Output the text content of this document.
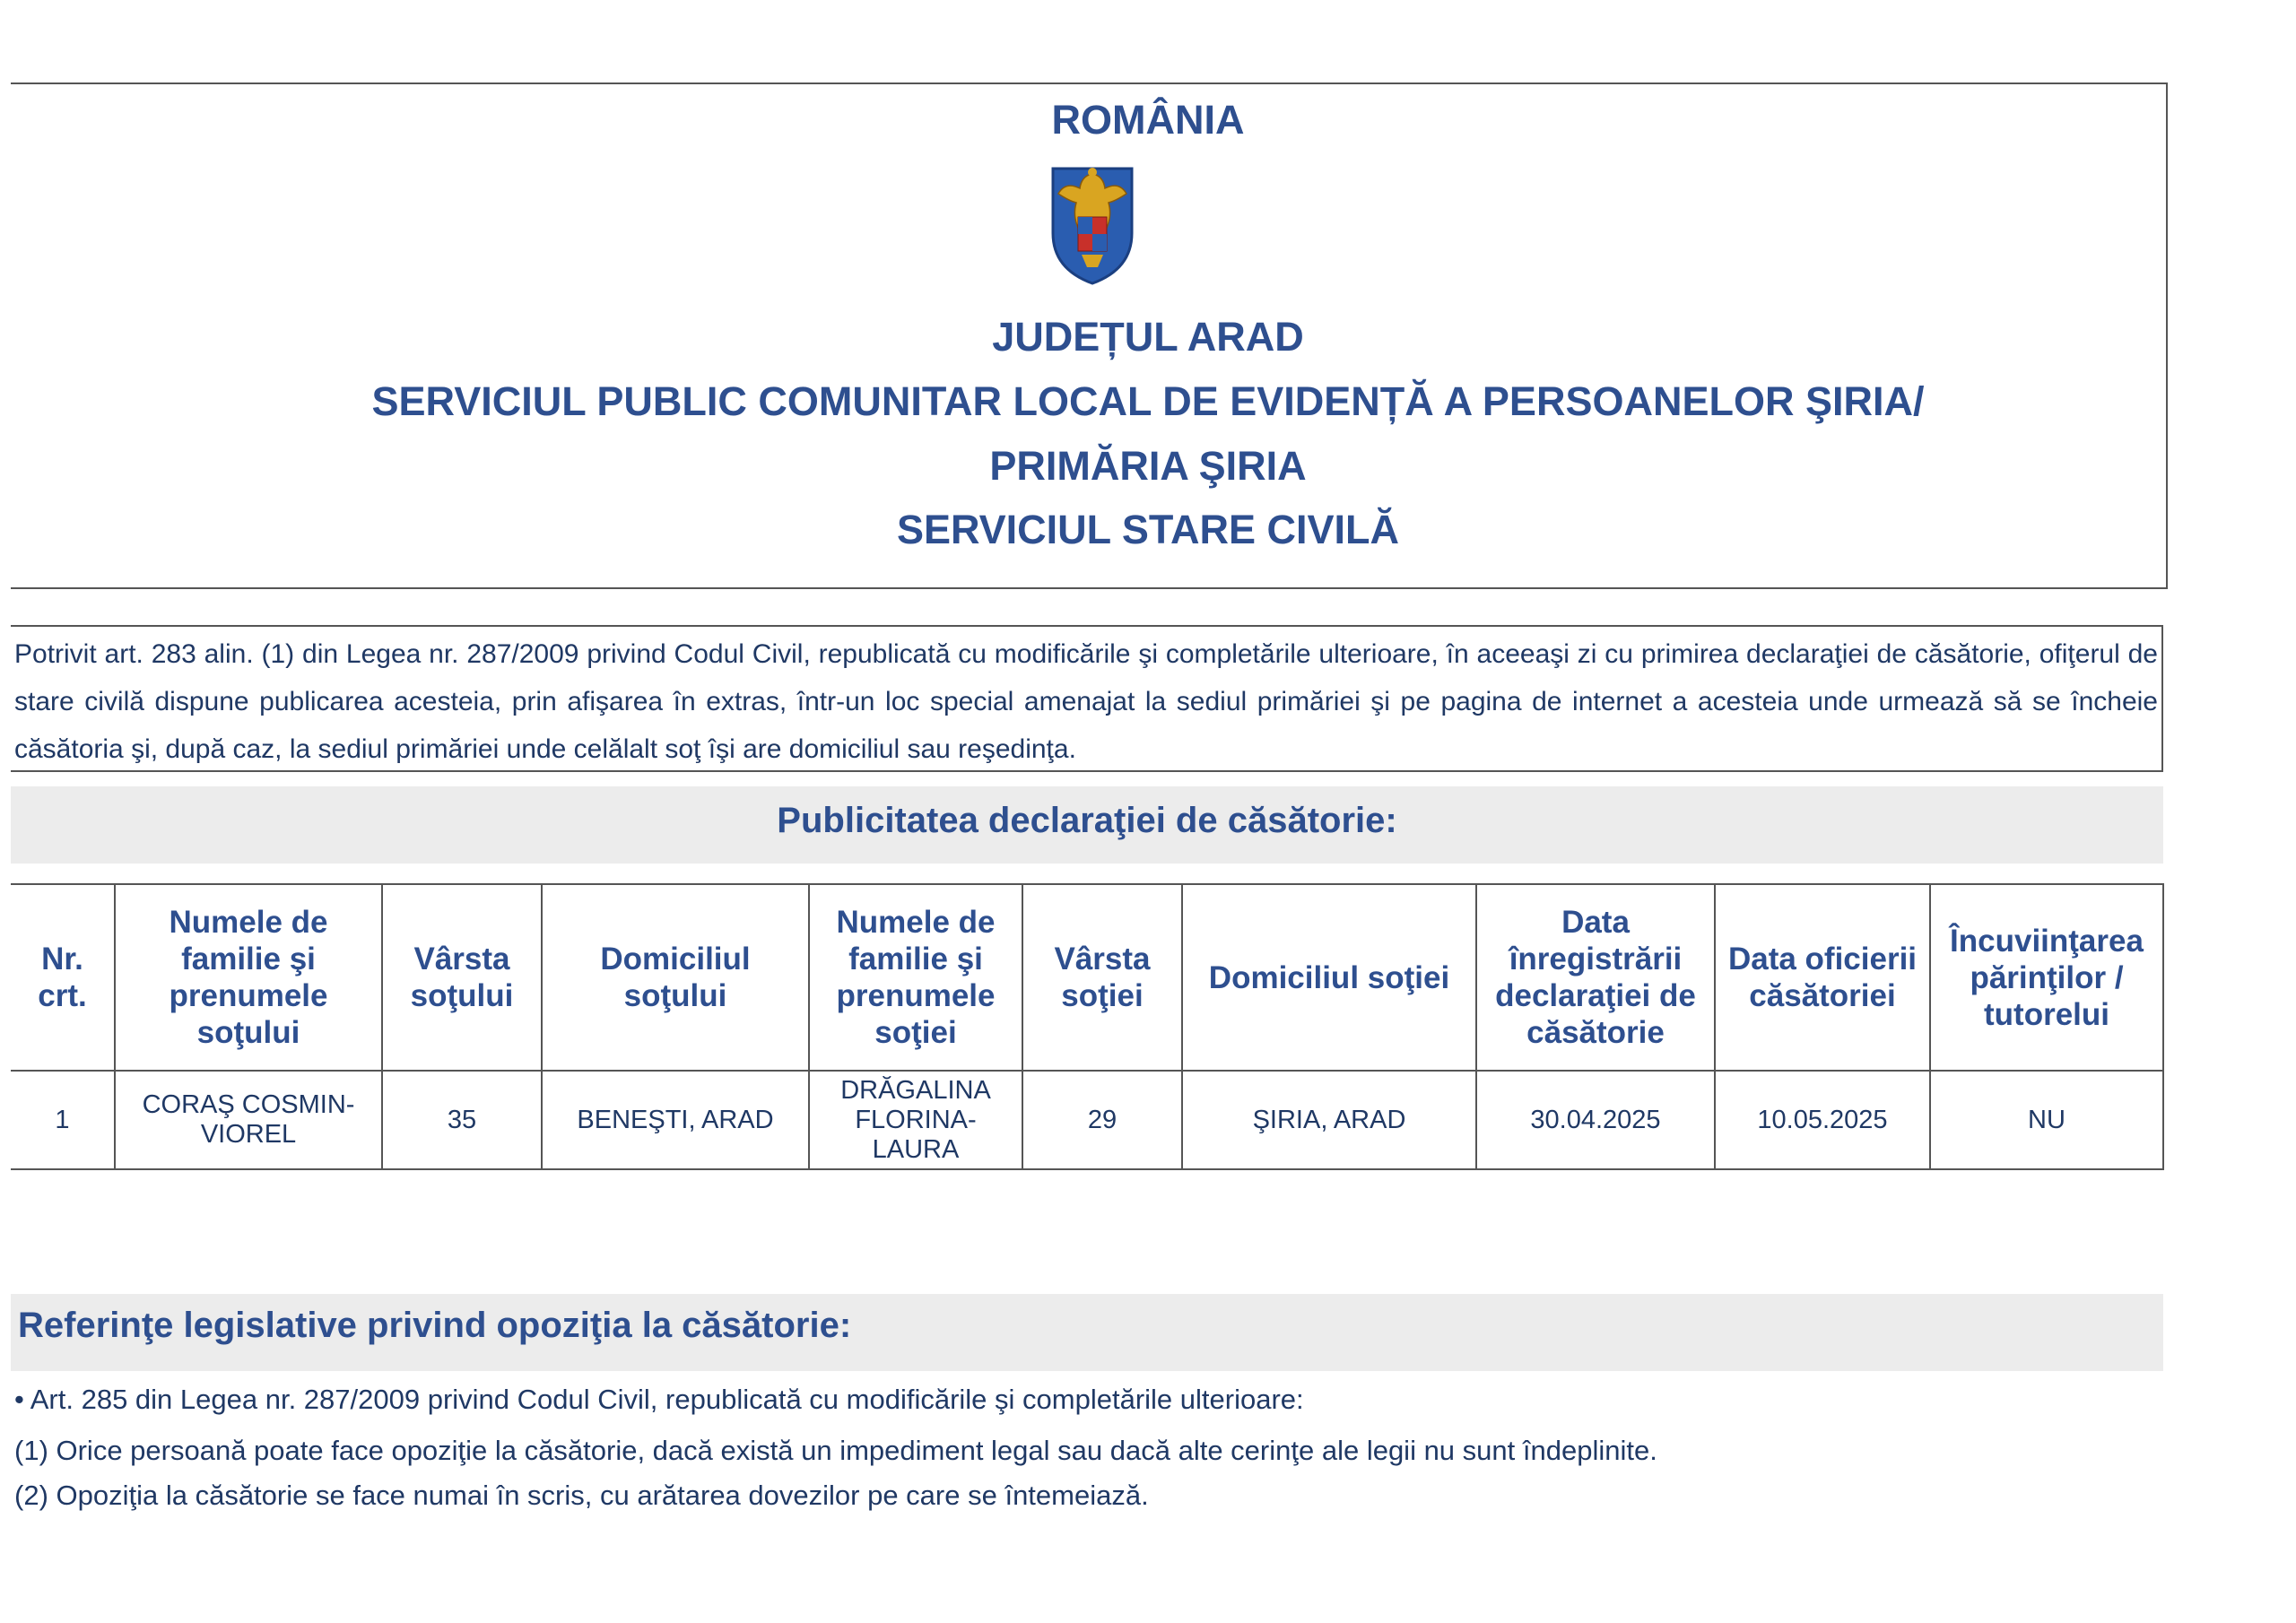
ROMÂNIA
JUDEȚUL ARAD
SERVICIUL PUBLIC COMUNITAR LOCAL DE EVIDENȚĂ A PERSOANELOR ŞIRIA/
PRIMĂRIA ŞIRIA
SERVICIUL STARE CIVILĂ
Potrivit art. 283 alin. (1) din Legea nr. 287/2009 privind Codul Civil, republicată cu modificările şi completările ulterioare, în aceeaşi zi cu primirea declaraţiei de căsătorie, ofiţerul de stare civilă dispune publicarea acesteia, prin afişarea în extras, într-un loc special amenajat la sediul primăriei şi pe pagina de internet a acesteia unde urmează să se încheie căsătoria şi, după caz, la sediul primăriei unde celălalt soţ îşi are domiciliul sau reşedinţa.
Publicitatea declaraţiei de căsătorie:
Nr. crt.	Numele de familie şi prenumele soţului	Vârsta soţului	Domiciliul soţului	Numele de familie şi prenumele soţiei	Vârsta soţiei	Domiciliul soţiei	Data înregistrării declaraţiei de căsătorie	Data oficierii căsătoriei	Încuviinţarea părinţilor / tutorelui
1	CORAŞ COSMIN-VIOREL	35	BENEŞTI, ARAD	DRĂGALINA FLORINA-LAURA	29	ŞIRIA, ARAD	30.04.2025	10.05.2025	NU
Referinţe legislative privind opoziţia la căsătorie:
• Art. 285 din Legea nr. 287/2009 privind Codul Civil, republicată cu modificările şi completările ulterioare:
(1) Orice persoană poate face opoziţie la căsătorie, dacă există un impediment legal sau dacă alte cerinţe ale legii nu sunt îndeplinite.
(2) Opoziţia la căsătorie se face numai în scris, cu arătarea dovezilor pe care se întemeiază.
